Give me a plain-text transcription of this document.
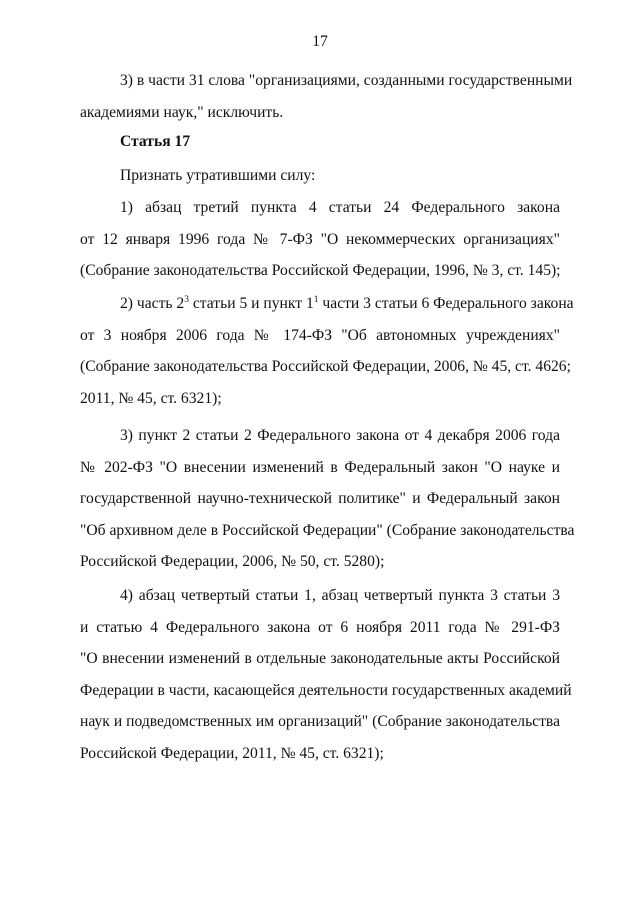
17
3) в части 31 слова "организациями, созданными государственными
академиями наук," исключить.
Статья 17
Признать утратившими силу:
1) абзац третий пункта 4 статьи 24 Федерального закона
от 12 января 1996 года № 7-ФЗ "О некоммерческих организациях"
(Собрание законодательства Российской Федерации, 1996, № 3, ст. 145);
2) часть $2^3$ статьи 5 и пункт $1^1$ части 3 статьи 6 Федерального закона
от 3 ноября 2006 года № 174-ФЗ "Об автономных учреждениях"
(Собрание законодательства Российской Федерации, 2006, № 45, ст. 4626;
2011, № 45, ст. 6321);
3) пункт 2 статьи 2 Федерального закона от 4 декабря 2006 года
№ 202-ФЗ "О внесении изменений в Федеральный закон "О науке и
государственной научно-технической политике" и Федеральный закон
"Об архивном деле в Российской Федерации" (Собрание законодательства
Российской Федерации, 2006, № 50, ст. 5280);
4) абзац четвертый статьи 1, абзац четвертый пункта 3 статьи 3
и статью 4 Федерального закона от 6 ноября 2011 года № 291-ФЗ
"О внесении изменений в отдельные законодательные акты Российской
Федерации в части, касающейся деятельности государственных академий
наук и подведомственных им организаций" (Собрание законодательства
Российской Федерации, 2011, № 45, ст. 6321);
